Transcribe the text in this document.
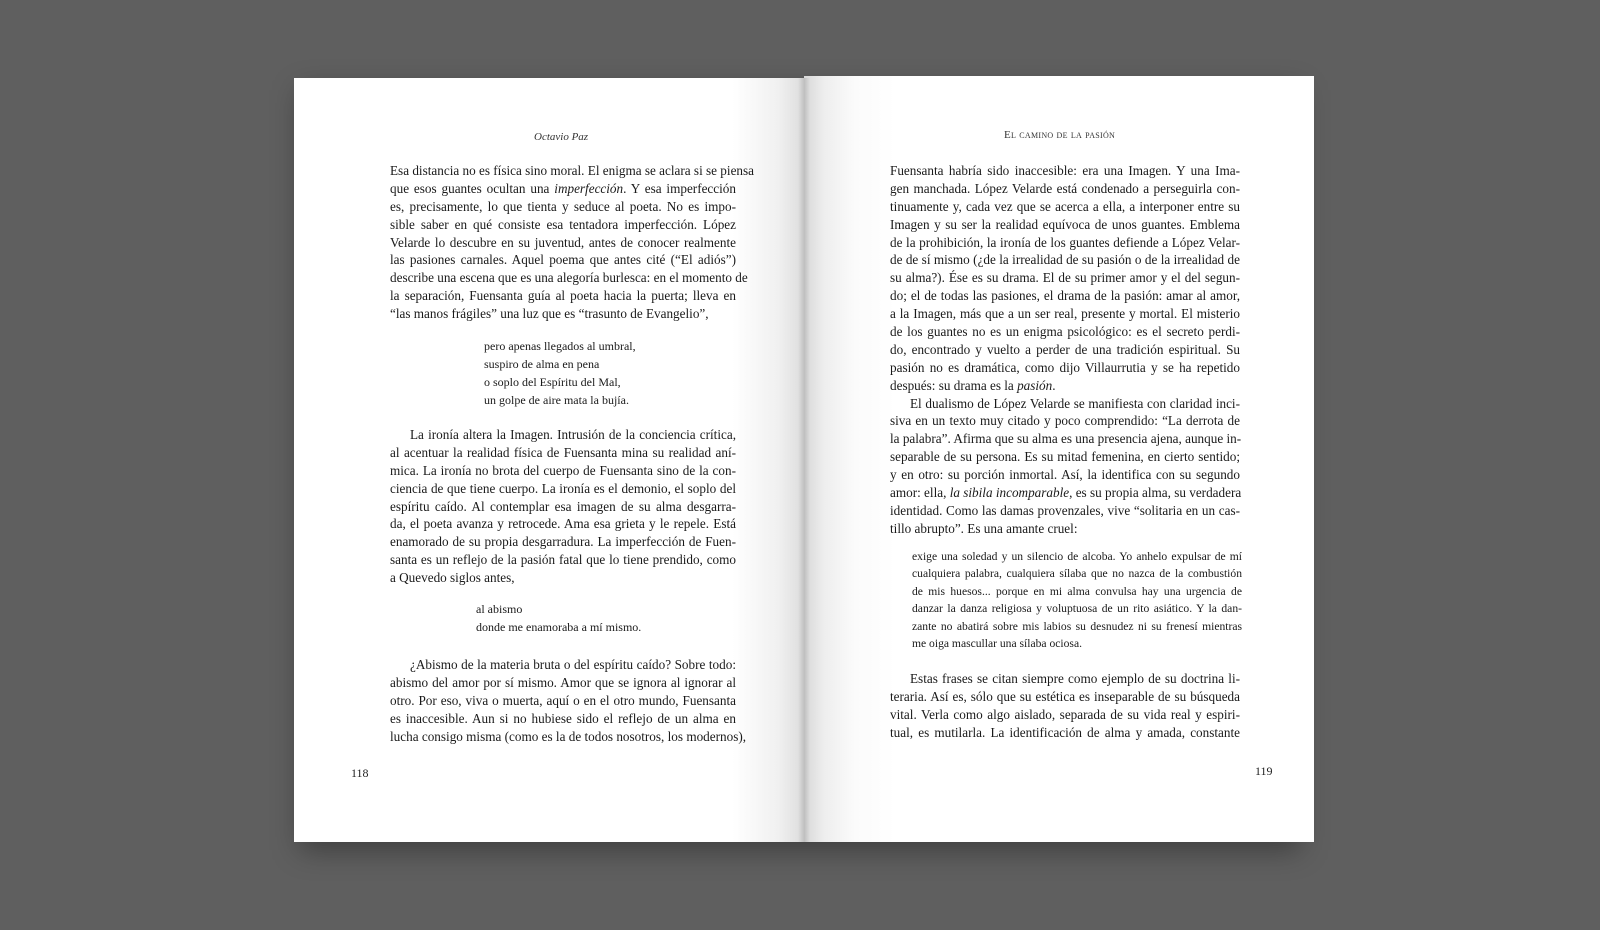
Octavio Paz
Esa distancia no es física sino moral. El enigma se aclara si se piensa
que esos guantes ocultan una imperfección. Y esa imperfección
es, precisamente, lo que tienta y seduce al poeta. No es impo-
sible saber en qué consiste esa tentadora imperfección. López
Velarde lo descubre en su juventud, antes de conocer realmente
las pasiones carnales. Aquel poema que antes cité (“El adiós”)
describe una escena que es una alegoría burlesca: en el momento de
la separación, Fuensanta guía al poeta hacia la puerta; lleva en
“las manos frágiles” una luz que es “trasunto de Evangelio”,
pero apenas llegados al umbral,
suspiro de alma en pena
o soplo del Espíritu del Mal,
un golpe de aire mata la bujía.
La ironía altera la Imagen. Intrusión de la conciencia crítica,
al acentuar la realidad física de Fuensanta mina su realidad aní-
mica. La ironía no brota del cuerpo de Fuensanta sino de la con-
ciencia de que tiene cuerpo. La ironía es el demonio, el soplo del
espíritu caído. Al contemplar esa imagen de su alma desgarra-
da, el poeta avanza y retrocede. Ama esa grieta y le repele. Está
enamorado de su propia desgarradura. La imperfección de Fuen-
santa es un reflejo de la pasión fatal que lo tiene prendido, como
a Quevedo siglos antes,
al abismo
donde me enamoraba a mí mismo.
¿Abismo de la materia bruta o del espíritu caído? Sobre todo:
abismo del amor por sí mismo. Amor que se ignora al ignorar al
otro. Por eso, viva o muerta, aquí o en el otro mundo, Fuensanta
es inaccesible. Aun si no hubiese sido el reflejo de un alma en
lucha consigo misma (como es la de todos nosotros, los modernos),
118
El camino de la pasión
Fuensanta habría sido inaccesible: era una Imagen. Y una Ima-
gen manchada. López Velarde está condenado a perseguirla con-
tinuamente y, cada vez que se acerca a ella, a interponer entre su
Imagen y su ser la realidad equívoca de unos guantes. Emblema
de la prohibición, la ironía de los guantes defiende a López Velar-
de de sí mismo (¿de la irrealidad de su pasión o de la irrealidad de
su alma?). Ése es su drama. El de su primer amor y el del segun-
do; el de todas las pasiones, el drama de la pasión: amar al amor,
a la Imagen, más que a un ser real, presente y mortal. El misterio
de los guantes no es un enigma psicológico: es el secreto perdi-
do, encontrado y vuelto a perder de una tradición espiritual. Su
pasión no es dramática, como dijo Villaurrutia y se ha repetido
después: su drama es la pasión.
El dualismo de López Velarde se manifiesta con claridad inci-
siva en un texto muy citado y poco comprendido: “La derrota de
la palabra”. Afirma que su alma es una presencia ajena, aunque in-
separable de su persona. Es su mitad femenina, en cierto sentido;
y en otro: su porción inmortal. Así, la identifica con su segundo
amor: ella, la sibila incomparable, es su propia alma, su verdadera
identidad. Como las damas provenzales, vive “solitaria en un cas-
tillo abrupto”. Es una amante cruel:
exige una soledad y un silencio de alcoba. Yo anhelo expulsar de mí
cualquiera palabra, cualquiera sílaba que no nazca de la combustión
de mis huesos... porque en mi alma convulsa hay una urgencia de
danzar la danza religiosa y voluptuosa de un rito asiático. Y la dan-
zante no abatirá sobre mis labios su desnudez ni su frenesí mientras
me oiga mascullar una sílaba ociosa.
Estas frases se citan siempre como ejemplo de su doctrina li-
teraria. Así es, sólo que su estética es inseparable de su búsqueda
vital. Verla como algo aislado, separada de su vida real y espiri-
tual, es mutilarla. La identificación de alma y amada, constante
119
